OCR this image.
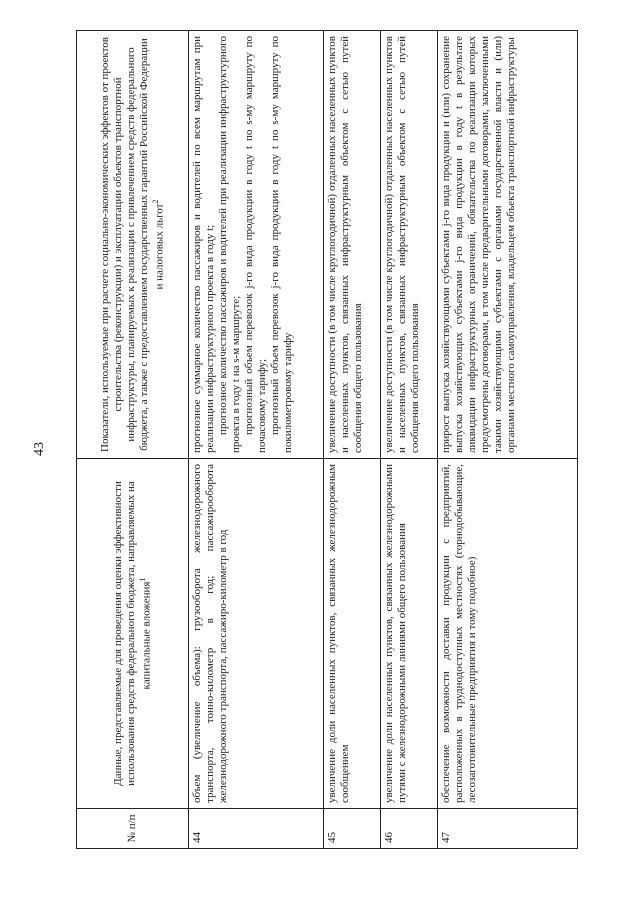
43
№ п/п	Данные, представляемые для проведения оценки эффективности использования средств федерального бюджета, направляемых на капитальные вложения$^1$	Показатели, используемые при расчете социально-экономических эффектов от проектов строительства (реконструкции) и эксплуатации объектов транспортной инфраструктуры, планируемых к реализации с привлечением средств федерального бюджета, а также с предоставлением государственных гарантий Российской Федерации и налоговых льгот$^2$
44	объем (увеличение объема): грузооборота железнодорожного транспорта, тонно-километр в год; пассажирооборота железнодорожного транспорта, пассажиро-километр в год	прогнозное суммарное количество пассажиров и водителей по всем маршрутам при реализации инфраструктурного проекта в году t; прогнозное количество пассажиров и водителей при реализации инфраструктурного проекта в году t на s-м маршруте; прогнозный объем перевозок j-го вида продукции в году t по s-му маршруту по почасовому тарифу; прогнозный объем перевозок j-го вида продукции в году t по s-му маршруту по покилометровому тарифу

45	увеличение доли населенных пунктов, связанных железнодорожным сообщением	увеличение доступности (в том числе круглогодичной) отдаленных населенных пунктов и населенных пунктов, связанных инфраструктурным объектом с сетью путей сообщения общего пользования

46	увеличение доли населенных пунктов, связанных железнодорожными путями с железнодорожными линиями общего пользования	увеличение доступности (в том числе круглогодичной) отдаленных населенных пунктов и населенных пунктов, связанных инфраструктурным объектом с сетью путей сообщения общего пользования

47	обеспечение возможности доставки продукции с предприятий, расположенных в труднодоступных местностях (горнодобывающие, лесозаготовительные предприятия и тому подобное)	прирост выпуска хозяйствующими субъектами j-го вида продукции и (или) сохранение выпуска хозяйствующих субъектами j-го вида продукции в году t в результате ликвидации инфраструктурных ограничений, обязательства по реализации которых предусмотрены договорами, в том числе предварительными договорами, заключенными такими хозяйствующими субъектами с органами государственной власти и (или) органами местного самоуправления, владельцем объекта транспортной инфраструктуры
